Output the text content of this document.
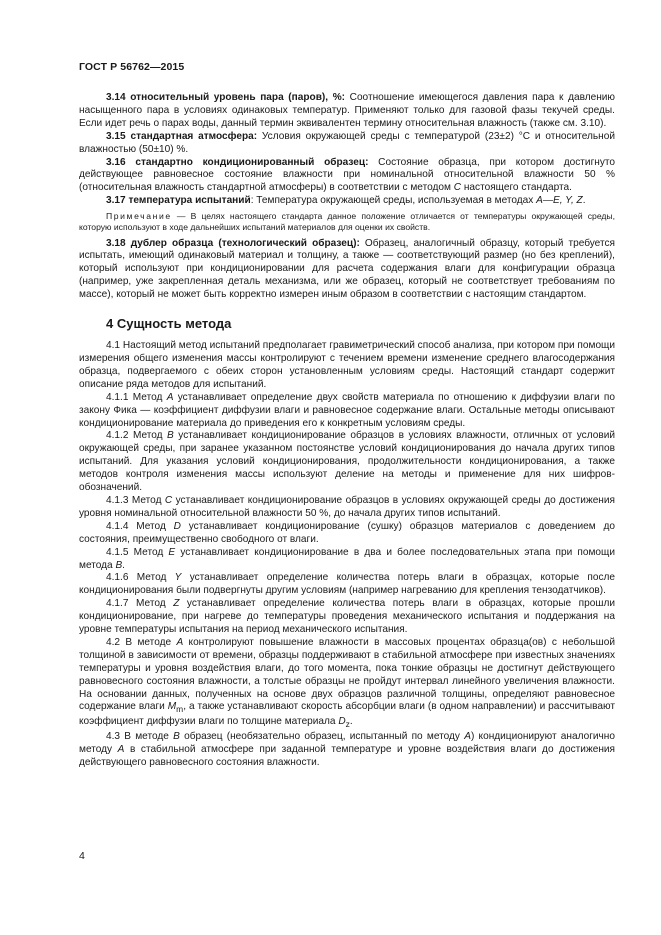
ГОСТ Р 56762—2015

3.14 относительный уровень пара (паров), %: Соотношение имеющегося давления пара к давлению насыщенного пара в условиях одинаковых температур. Применяют только для газовой фазы текучей среды. Если идет речь о парах воды, данный термин эквивалентен термину относительная влажность (также см. 3.10).

3.15 стандартная атмосфера: Условия окружающей среды с температурой (23±2) °C и относительной влажностью (50±10) %.

3.16 стандартно кондиционированный образец: Состояние образца, при котором достигнуто действующее равновесное состояние влажности при номинальной относительной влажности 50 % (относительная влажность стандартной атмосферы) в соответствии с методом C настоящего стандарта.

3.17 температура испытаний: Температура окружающей среды, используемая в методах A—E, Y, Z.

Примечание — В целях настоящего стандарта данное положение отличается от температуры окружающей среды, которую используют в ходе дальнейших испытаний материалов для оценки их свойств.

3.18 дублер образца (технологический образец): Образец, аналогичный образцу, который требуется испытать, имеющий одинаковый материал и толщину, а также — соответствующий размер (но без креплений), который используют при кондиционировании для расчета содержания влаги для конфигурации образца (например, уже закрепленная деталь механизма, или же образец, который не соответствует требованиям по массе), который не может быть корректно измерен иным образом в соответствии с настоящим стандартом.

4 Сущность метода

4.1 Настоящий метод испытаний предполагает гравиметрический способ анализа, при котором при помощи измерения общего изменения массы контролируют с течением времени изменение среднего влагосодержания образца, подвергаемого с обеих сторон установленным условиям среды. Настоящий стандарт содержит описание ряда методов для испытаний.

4.1.1 Метод A устанавливает определение двух свойств материала по отношению к диффузии влаги по закону Фика — коэффициент диффузии влаги и равновесное содержание влаги. Остальные методы описывают кондиционирование материала до приведения его к конкретным условиям среды.

4.1.2 Метод B устанавливает кондиционирование образцов в условиях влажности, отличных от условий окружающей среды, при заранее указанном постоянстве условий кондиционирования до начала других типов испытаний. Для указания условий кондиционирования, продолжительности кондиционирования, а также методов контроля изменения массы используют деление на методы и применение для них шифров-обозначений.

4.1.3 Метод C устанавливает кондиционирование образцов в условиях окружающей среды до достижения уровня номинальной относительной влажности 50 %, до начала других типов испытаний.

4.1.4 Метод D устанавливает кондиционирование (сушку) образцов материалов с доведением до состояния, преимущественно свободного от влаги.

4.1.5 Метод E устанавливает кондиционирование в два и более последовательных этапа при помощи метода B.

4.1.6 Метод Y устанавливает определение количества потерь влаги в образцах, которые после кондиционирования были подвергнуты другим условиям (например нагреванию для крепления тензодатчиков).

4.1.7 Метод Z устанавливает определение количества потерь влаги в образцах, которые прошли кондиционирование, при нагреве до температуры проведения механического испытания и поддержания на уровне температуры испытания на период механического испытания.

4.2 В методе A контролируют повышение влажности в массовых процентах образца(ов) с небольшой толщиной в зависимости от времени, образцы поддерживают в стабильной атмосфере при известных значениях температуры и уровня воздействия влаги, до того момента, пока тонкие образцы не достигнут действующего равновесного состояния влажности, а толстые образцы не пройдут интервал линейного увеличения влажности. На основании данных, полученных на основе двух образцов различной толщины, определяют равновесное содержание влаги $M_m$, а также устанавливают скорость абсорбции влаги (в одном направлении) и рассчитывают коэффициент диффузии влаги по толщине материала $D_z$.

4.3 В методе B образец (необязательно образец, испытанный по методу A) кондиционируют аналогично методу A в стабильной атмосфере при заданной температуре и уровне воздействия влаги до достижения действующего равновесного состояния влажности.

4
